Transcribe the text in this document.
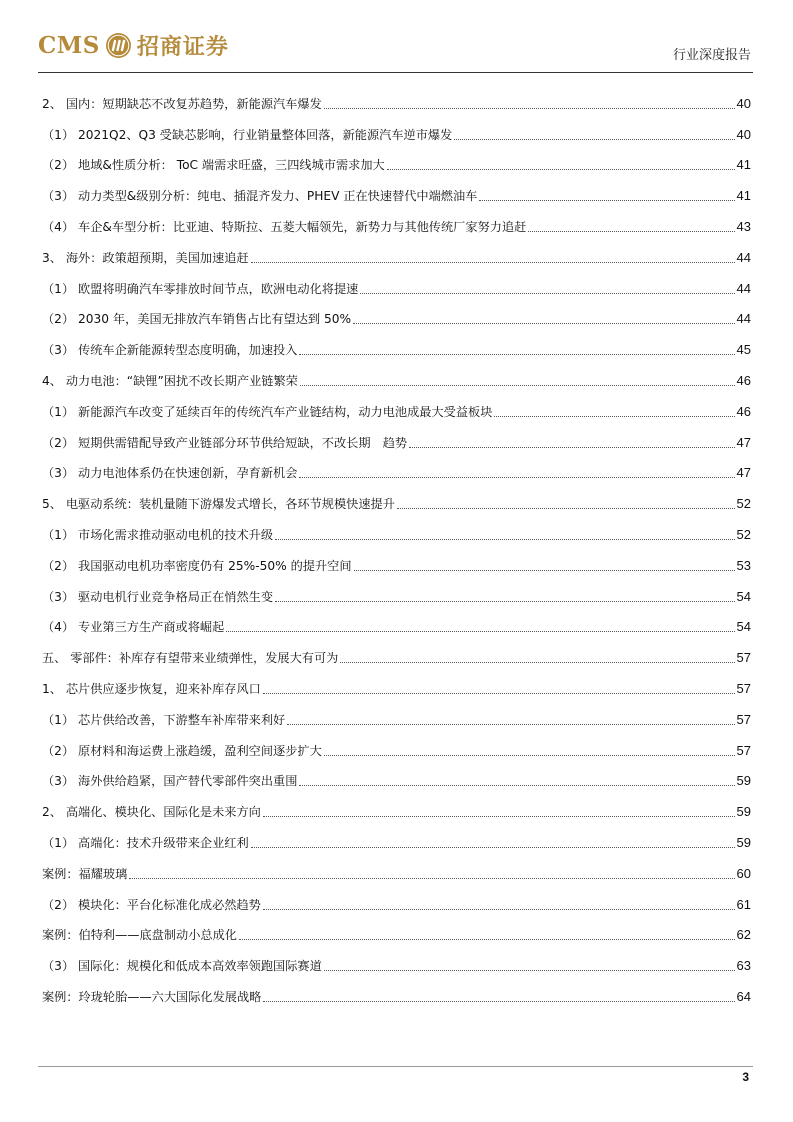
CMS 招商证券	行业深度报告
2、 国内：短期缺芯不改复苏趋势，新能源汽车爆发	40
（1） 2021Q2、Q3 受缺芯影响，行业销量整体回落，新能源汽车逆市爆发	40
（2） 地域&性质分析： ToC 端需求旺盛，三四线城市需求加大	41
（3） 动力类型&级别分析：纯电、插混齐发力、PHEV 正在快速替代中端燃油车	41
（4） 车企&车型分析：比亚迪、特斯拉、五菱大幅领先，新势力与其他传统厂家努力追赶	43
3、 海外：政策超预期，美国加速追赶	44
（1） 欧盟将明确汽车零排放时间节点，欧洲电动化将提速	44
（2） 2030 年，美国无排放汽车销售占比有望达到 50%	44
（3） 传统车企新能源转型态度明确，加速投入	45
4、 动力电池：“缺锂”困扰不改长期产业链繁荣	46
（1） 新能源汽车改变了延续百年的传统汽车产业链结构，动力电池成最大受益板块	46
（2） 短期供需错配导致产业链部分环节供给短缺，不改长期　趋势	47
（3） 动力电池体系仍在快速创新，孕育新机会	47
5、 电驱动系统：装机量随下游爆发式增长，各环节规模快速提升	52
（1） 市场化需求推动驱动电机的技术升级	52
（2） 我国驱动电机功率密度仍有 25%-50% 的提升空间	53
（3） 驱动电机行业竞争格局正在悄然生变	54
（4） 专业第三方生产商或将崛起	54
五、 零部件：补库存有望带来业绩弹性，发展大有可为	57
1、 芯片供应逐步恢复，迎来补库存风口	57
（1） 芯片供给改善，下游整车补库带来利好	57
（2） 原材料和海运费上涨趋缓，盈利空间逐步扩大	57
（3） 海外供给趋紧，国产替代零部件突出重围	59
2、 高端化、模块化、国际化是未来方向	59
（1） 高端化：技术升级带来企业红利	59
案例：福耀玻璃	60
（2） 模块化：平台化标准化成必然趋势	61
案例：伯特利——底盘制动小总成化	62
（3） 国际化：规模化和低成本高效率领跑国际赛道	63
案例：玲珑轮胎——六大国际化发展战略	64
3
